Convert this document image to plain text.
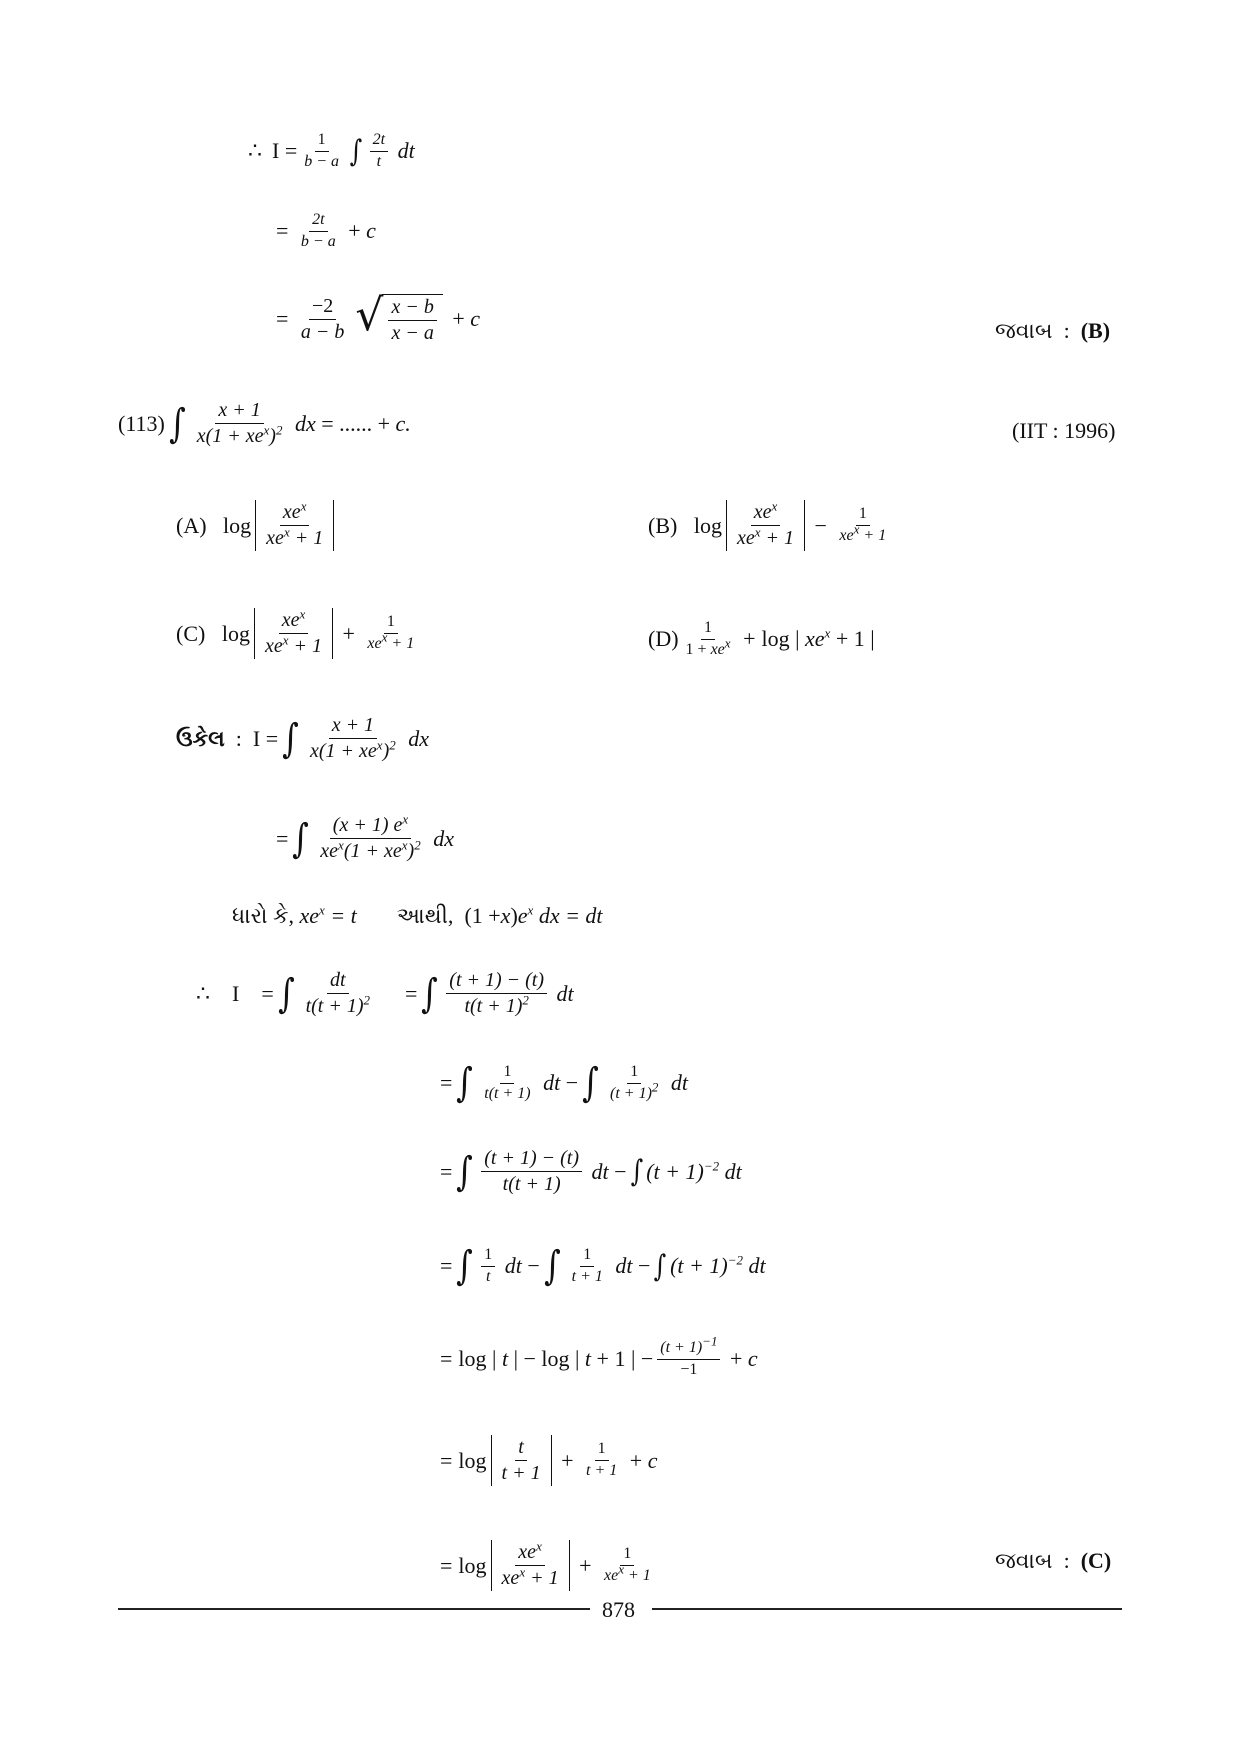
∴ $I = \frac{1}{b - a}$ ∫ $\frac{2t}{t}$ dt
= $\frac{2t}{b - a} + c$
= $\frac{-2}{a - b}$ √ $\frac{x - b}{x - a} + c$	જવાબ
:
(B)
(113) ∫ $\frac{x + 1}{x(1 + xe^x)^2}$ dx = ...... + c.	(IIT : 1996)
(A)
$\log \frac{xe^x}{xe^x + 1}$	(B)
$\log \frac{xe^x}{xe^x + 1} - \frac{1}{xe^x + 1}$
(C)
$\log \frac{xe^x}{xe^x + 1} + \frac{1}{xe^x + 1}$	$(D) \frac{1}{1 + xe^x} + \log$ | $xe^x + 1$ |
ઉકેલ :  I = ∫ $\frac{x + 1}{x(1 + xe^x)^2}$ dx
= ∫ $\frac{(x + 1) e^x}{xe^x(1 + xe^x)^2}$ dx
ધારો કે,
$xe^x = t$ આથી, (1 + x ) $e^x$ dx = dt
∴ I    = ∫ $\frac{dt}{t(t + 1)^2}$ = ∫ $\frac{(t + 1) - (t)}{t(t + 1)^2}$ dt
= ∫ $\frac{1}{t(t + 1)}$ dt − ∫ $\frac{1}{(t + 1)^2}$ dt
= ∫ $\frac{(t + 1) - (t)}{t(t + 1)}$ dt − ∫ $(t + 1)^{-2}$ dt
= ∫ $\frac{1}{t}$ dt − ∫ $\frac{1}{t + 1}$ dt − ∫ $(t + 1)^{-2}$ dt
= log | t | − log | t + 1 | − $\frac{(t + 1)^{-1}}{-1} + c$
= $\log \frac{t}{t + 1} + \frac{1}{t + 1} + c$
= $\log \frac{xe^x}{xe^x + 1} + \frac{1}{xe^x + 1}$	જવાબ
:
(C)
878
